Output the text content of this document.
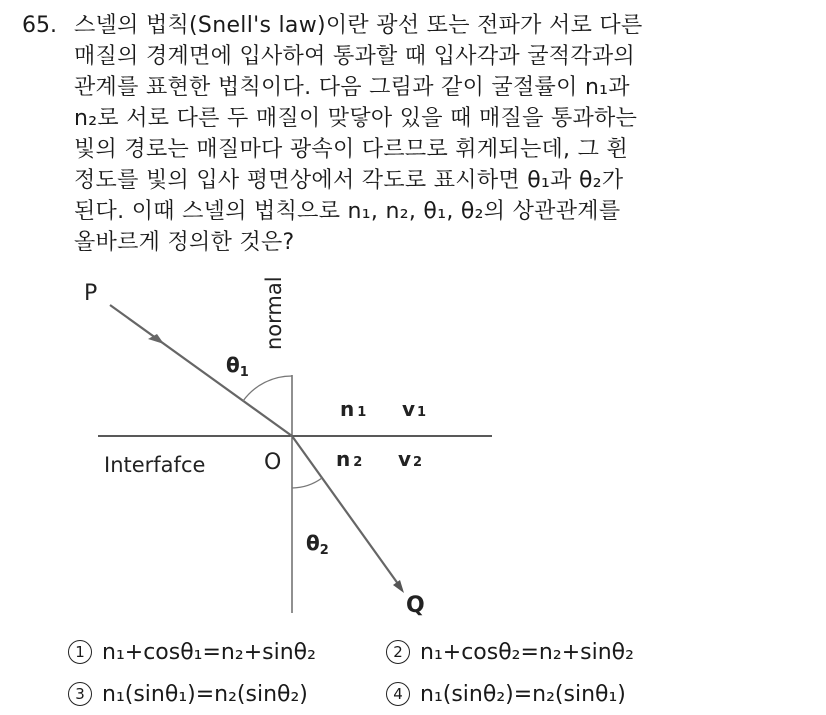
65. 스넬의 법칙(Snell's law)이란 광선 또는 전파가 서로 다른
매질의 경계면에 입사하여 통과할 때 입사각과 굴적각과의
관계를 표현한 법칙이다. 다음 그림과 같이 굴절률이 n₁과
n₂로 서로 다른 두 매질이 맞닿아 있을 때 매질을 통과하는
빛의 경로는 매질마다 광속이 다르므로 휘게되는데, 그 휜
정도를 빛의 입사 평면상에서 각도로 표시하면 θ₁과 θ₂가
된다. 이때 스넬의 법칙으로 n₁, n₂, θ₁, θ₂의 상관관계를
올바르게 정의한 것은?
P	normal
$\theta_1$
$\theta_2$
n 1 v 1
n 2 v 2
Interfafce	O
Q
1 n₁+cosθ₁=n₂+sinθ₂	2 n₁+cosθ₂=n₂+sinθ₂
3 n₁(sinθ₁)=n₂(sinθ₂)	4 n₁(sinθ₂)=n₂(sinθ₁)
